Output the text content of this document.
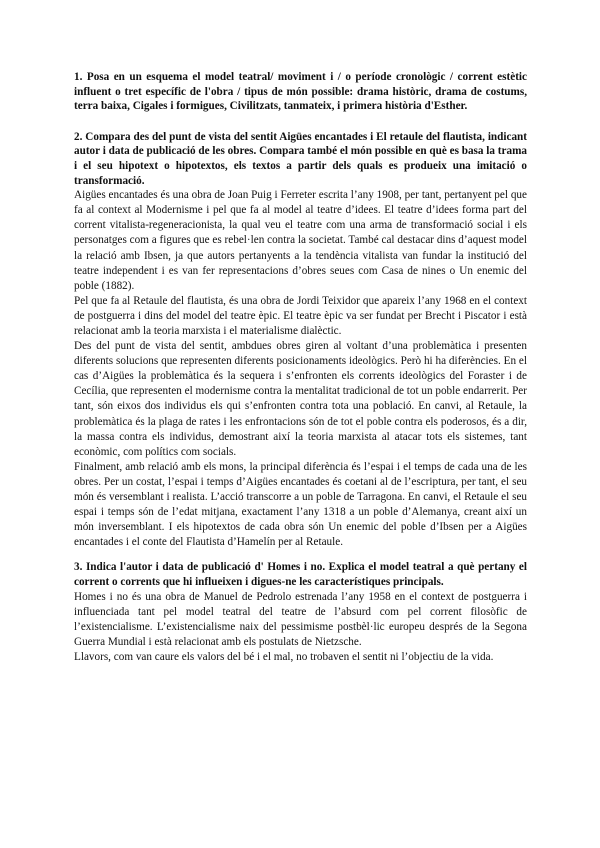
1. Posa en un esquema el model teatral/ moviment i / o període cronològic / corrent estètic influent o tret específic de l'obra / tipus de món possible: drama històric, drama de costums, terra baixa, Cigales i formigues, Civilitzats, tanmateix, i primera història d'Esther.

2. Compara des del punt de vista del sentit Aigües encantades i El retaule del flautista, indicant autor i data de publicació de les obres. Compara també el món possible en què es basa la trama i el seu hipotext o hipotextos, els textos a partir dels quals es produeix una imitació o transformació.

Aigües encantades és una obra de Joan Puig i Ferreter escrita l’any 1908, per tant, pertanyent pel que fa al context al Modernisme i pel que fa al model al teatre d’idees. El teatre d’idees forma part del corrent vitalista-regeneracionista, la qual veu el teatre com una arma de transformació social i els personatges com a figures que es rebel·len contra la societat. També cal destacar dins d’aquest model la relació amb Ibsen, ja que autors pertanyents a la tendència vitalista van fundar la institució del teatre independent i es van fer representacions d’obres seues com Casa de nines o Un enemic del poble (1882).

Pel que fa al Retaule del flautista, és una obra de Jordi Teixidor que apareix l’any 1968 en el context de postguerra i dins del model del teatre èpic. El teatre èpic va ser fundat per Brecht i Piscator i està relacionat amb la teoria marxista i el materialisme dialèctic.

Des del punt de vista del sentit, ambdues obres giren al voltant d’una problemàtica i presenten diferents solucions que representen diferents posicionaments ideològics. Però hi ha diferències. En el cas d’Aigües la problemàtica és la sequera i s’enfronten els corrents ideològics del Foraster i de Cecília, que representen el modernisme contra la mentalitat tradicional de tot un poble endarrerit. Per tant, són eixos dos individus els qui s’enfronten contra tota una població. En canvi, al Retaule, la problemàtica és la plaga de rates i les enfrontacions són de tot el poble contra els poderosos, és a dir, la massa contra els individus, demostrant així la teoria marxista al atacar tots els sistemes, tant econòmic, com polítics com socials.

Finalment, amb relació amb els mons, la principal diferència és l’espai i el temps de cada una de les obres. Per un costat, l’espai i temps d’Aigües encantades és coetani al de l’escriptura, per tant, el seu món és versemblant i realista. L’acció transcorre a un poble de Tarragona. En canvi, el Retaule el seu espai i temps són de l’edat mitjana, exactament l’any 1318 a un poble d’Alemanya, creant així un món inversemblant. I els hipotextos de cada obra són Un enemic del poble d’Ibsen per a Aigües encantades i el conte del Flautista d’Hamelín per al Retaule.

3. Indica l'autor i data de publicació d' Homes i no. Explica el model teatral a què pertany el corrent o corrents que hi influeixen i digues-ne les característiques principals.

Homes i no és una obra de Manuel de Pedrolo estrenada l’any 1958 en el context de postguerra i influenciada tant pel model teatral del teatre de l’absurd com pel corrent filosòfic de l’existencialisme. L’existencialisme naix del pessimisme postbèl·lic europeu després de la Segona Guerra Mundial i està relacionat amb els postulats de Nietzsche.

Llavors, com van caure els valors del bé i el mal, no trobaven el sentit ni l’objectiu de la vida.
